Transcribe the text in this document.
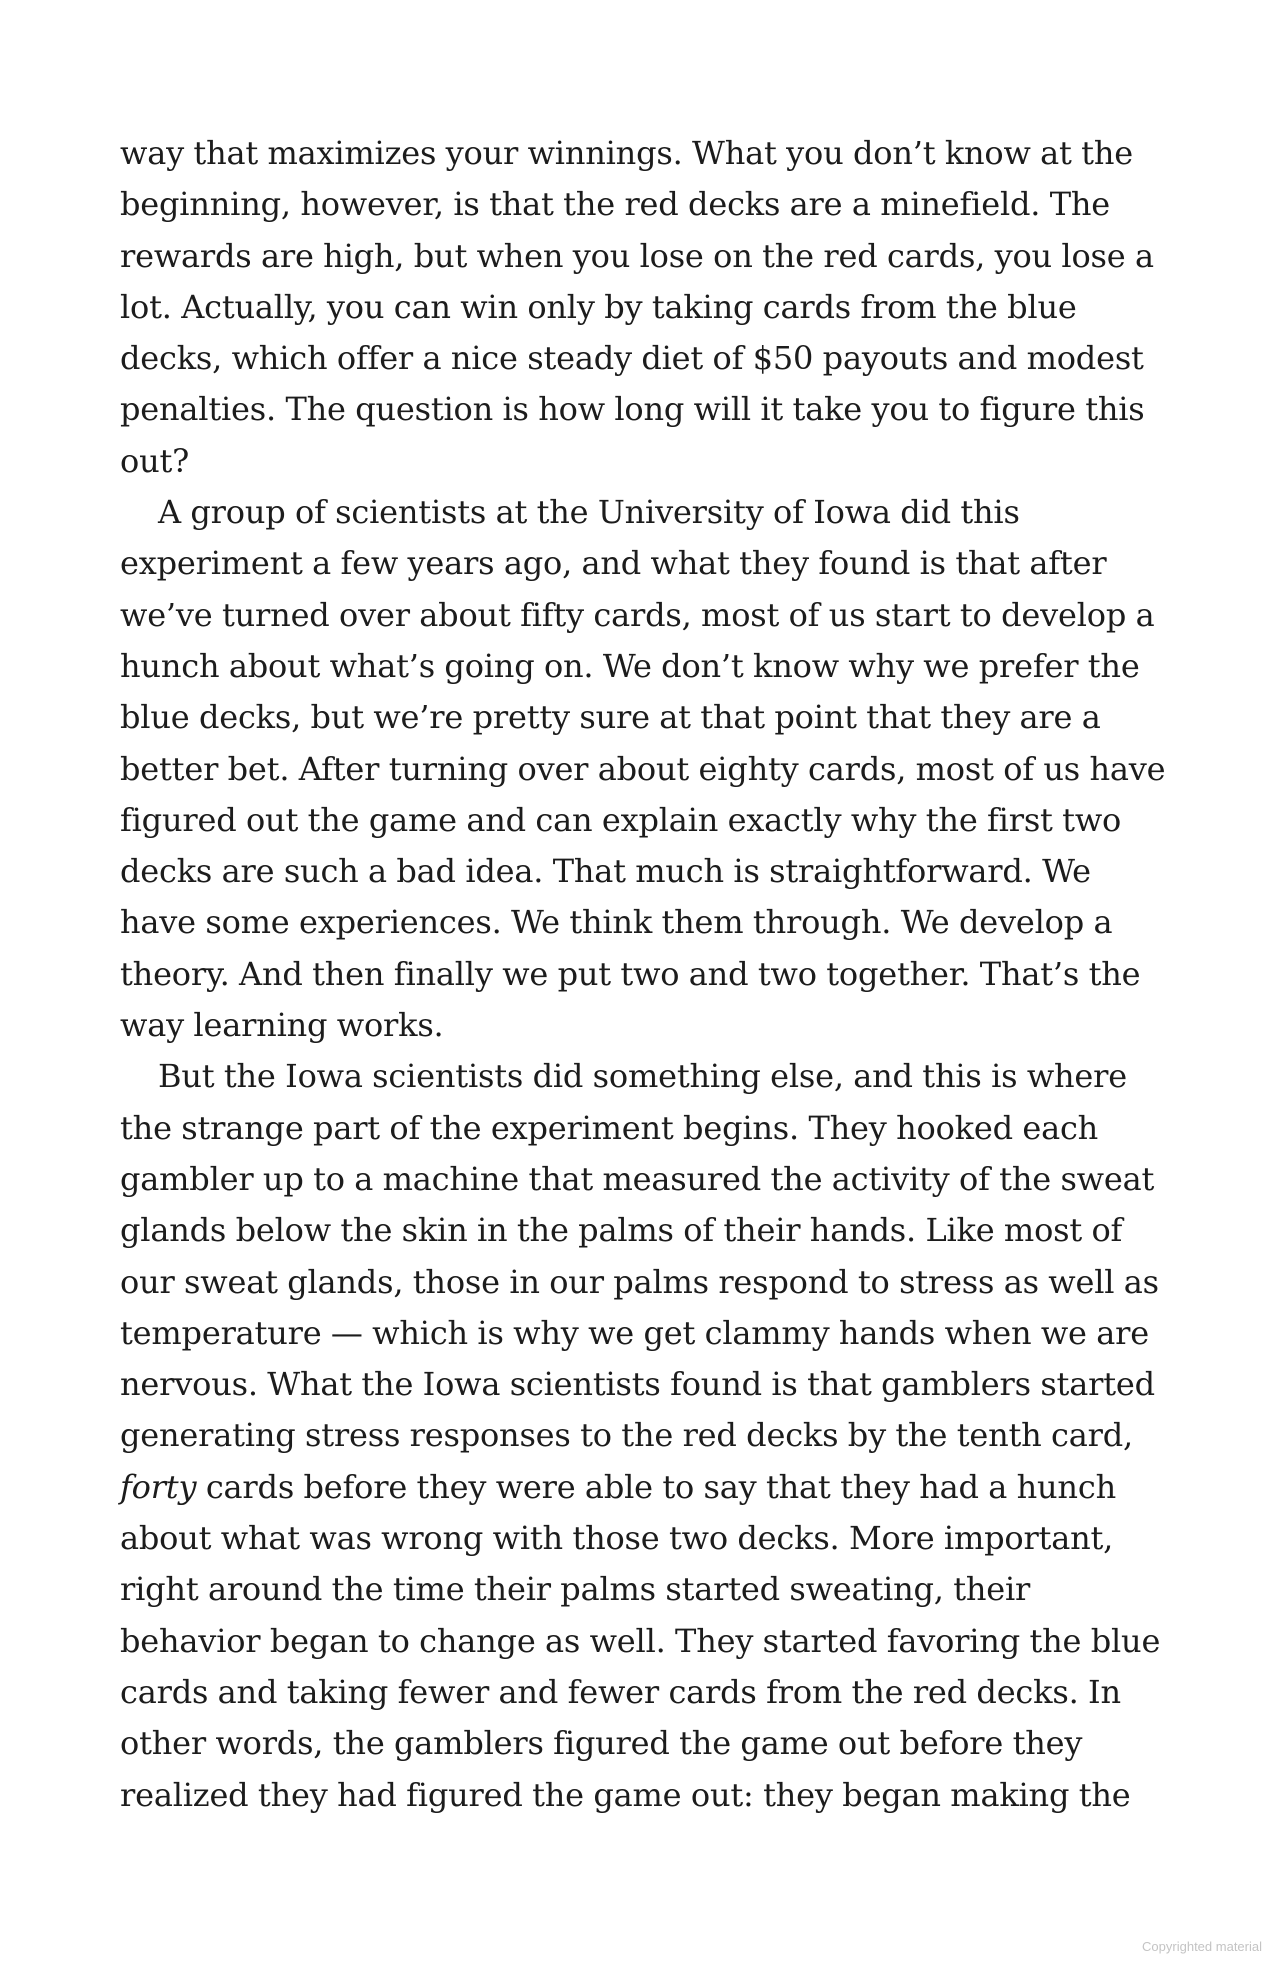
way that maximizes your winnings. What you don’t know at the
beginning, however, is that the red decks are a minefield. The
rewards are high, but when you lose on the red cards, you lose a
lot. Actually, you can win only by taking cards from the blue
decks, which offer a nice steady diet of $50 payouts and modest
penalties. The question is how long will it take you to figure this
out?
A group of scientists at the University of Iowa did this
experiment a few years ago, and what they found is that after
we’ve turned over about fifty cards, most of us start to develop a
hunch about what’s going on. We don’t know why we prefer the
blue decks, but we’re pretty sure at that point that they are a
better bet. After turning over about eighty cards, most of us have
figured out the game and can explain exactly why the first two
decks are such a bad idea. That much is straightforward. We
have some experiences. We think them through. We develop a
theory. And then finally we put two and two together. That’s the
way learning works.
But the Iowa scientists did something else, and this is where
the strange part of the experiment begins. They hooked each
gambler up to a machine that measured the activity of the sweat
glands below the skin in the palms of their hands. Like most of
our sweat glands, those in our palms respond to stress as well as
temperature — which is why we get clammy hands when we are
nervous. What the Iowa scientists found is that gamblers started
generating stress responses to the red decks by the tenth card,
forty cards before they were able to say that they had a hunch
about what was wrong with those two decks. More important,
right around the time their palms started sweating, their
behavior began to change as well. They started favoring the blue
cards and taking fewer and fewer cards from the red decks. In
other words, the gamblers figured the game out before they
realized they had figured the game out: they began making the
Copyrighted material
